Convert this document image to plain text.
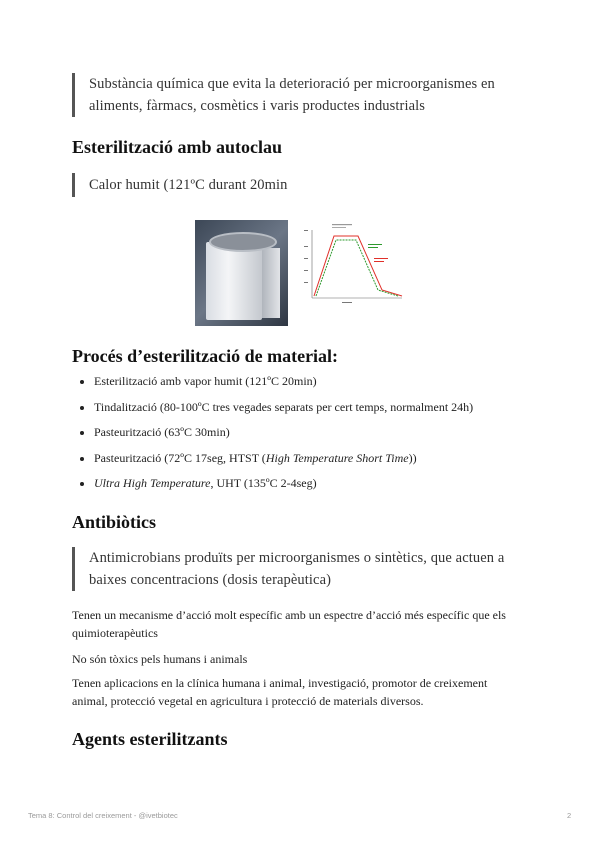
Substància química que evita la deterioració per microorganismes en
aliments, fàrmacs, cosmètics i varis productes industrials
Esterilització amb autoclau
Calor humit (121ºC durant 20min
Procés d’esterilització de material:
• Esterilització amb vapor humit (121ºC 20min)
• Tindalització (80-100ºC tres vegades separats per cert temps, normalment 24h)
• Pasteurització (63ºC 30min)
• Pasteurització (72ºC 17seg, HTST (High Temperature Short Time))
• Ultra High Temperature, UHT (135ºC 2-4seg)
Antibiòtics
Antimicrobians produïts per microorganismes o sintètics, que actuen a
baixes concentracions (dosis terapèutica)

Tenen un mecanisme d’acció molt específic amb un espectre d’acció més específic que els
quimioterapèutics

No són tòxics pels humans i animals

Tenen aplicacions en la clínica humana i animal, investigació, promotor de creixement
animal, protecció vegetal en agricultura i protecció de materials diversos.

Agents esterilitzants
Tema 8: Control del creixement - @ivetbiotec	2
